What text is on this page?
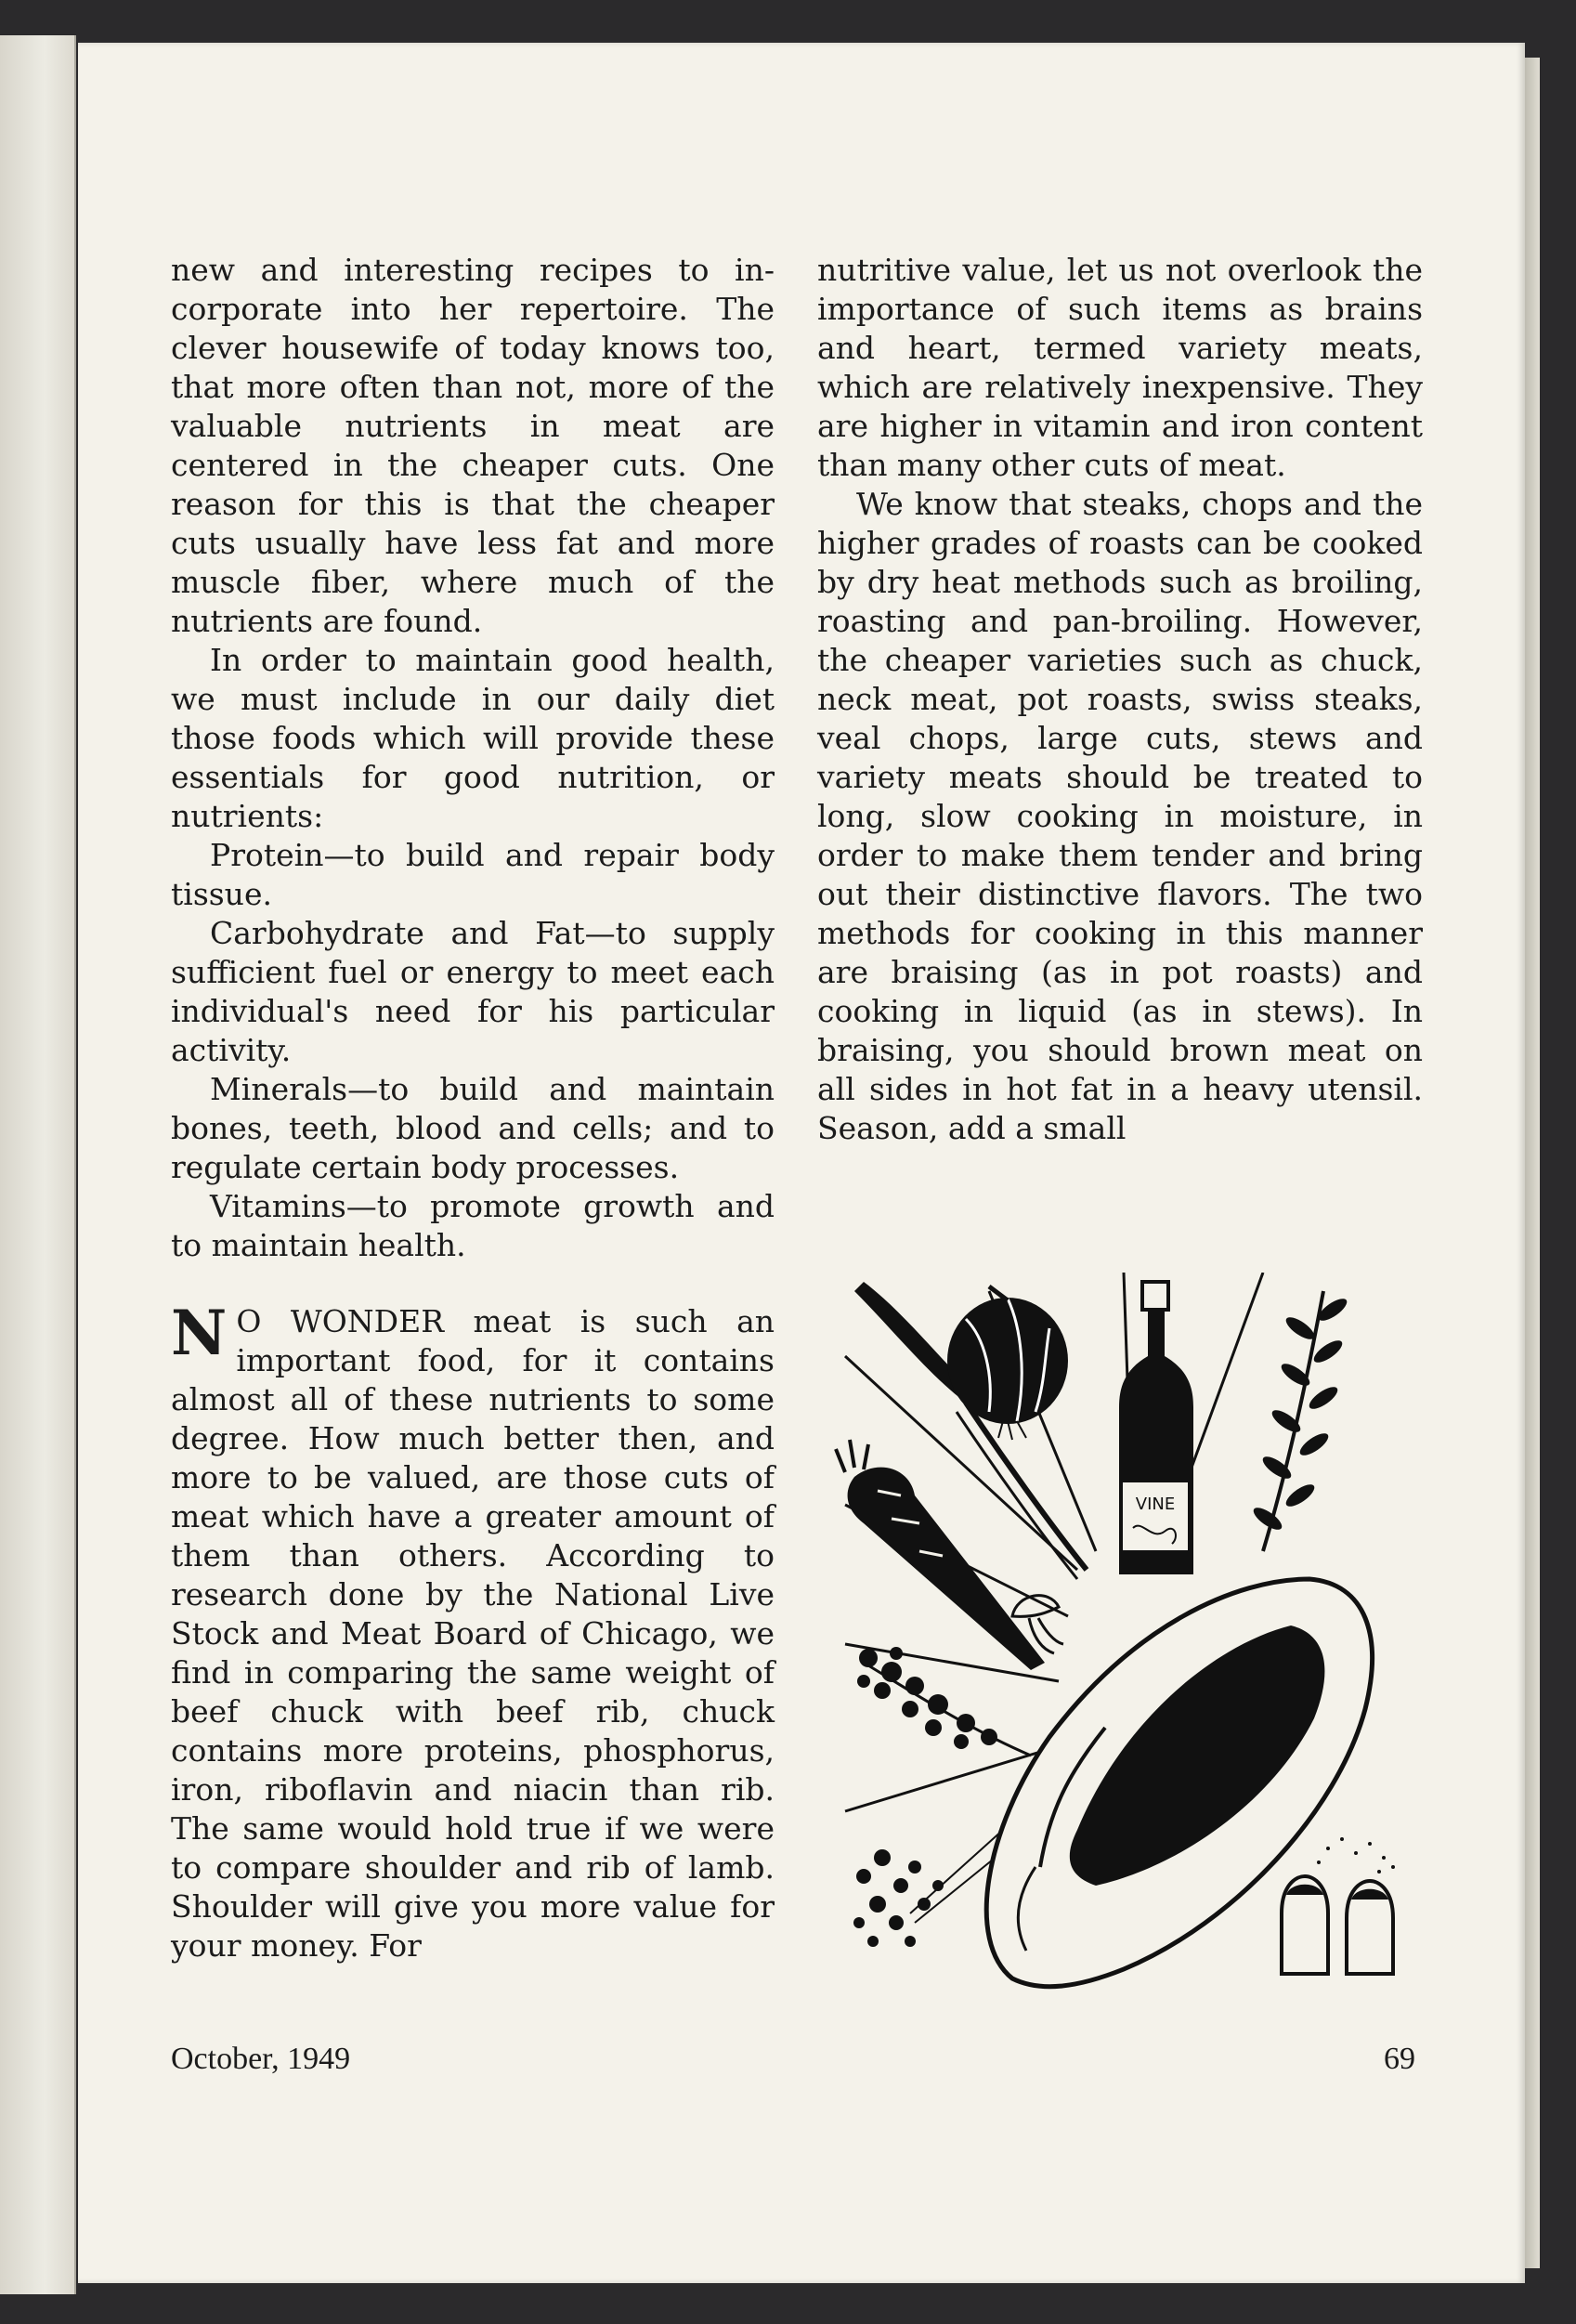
new and interesting recipes to incorporate into her repertoire. The clever housewife of today knows too, that more often than not, more of the valuable nutrients in meat are centered in the cheaper cuts. One reason for this is that the cheaper cuts usually have less fat and more muscle fiber, where much of the nutrients are found.

In order to maintain good health, we must include in our daily diet those foods which will provide these essentials for good nutrition, or nutrients:

Protein—to build and repair body tissue.

Carbohydrate and Fat—to supply sufficient fuel or energy to meet each individual's need for his particular activity.

Minerals—to build and maintain bones, teeth, blood and cells; and to regulate certain body processes.

Vitamins—to promote growth and to maintain health.

N O WONDER meat is such an important food, for it contains almost all of these nutrients to some degree. How much better then, and more to be valued, are those cuts of meat which have a greater amount of them than others. According to research done by the National Live Stock and Meat Board of Chicago, we find in comparing the same weight of beef chuck with beef rib, chuck contains more proteins, phosphorus, iron, riboflavin and niacin than rib. The same would hold true if we were to compare shoulder and rib of lamb. Shoulder will give you more value for your money. For

nutritive value, let us not overlook the importance of such items as brains and heart, termed variety meats, which are relatively inexpensive. They are higher in vitamin and iron content than many other cuts of meat.

We know that steaks, chops and the higher grades of roasts can be cooked by dry heat methods such as broiling, roasting and pan-broiling. However, the cheaper varieties such as chuck, neck meat, pot roasts, swiss steaks, veal chops, large cuts, stews and variety meats should be treated to long, slow cooking in moisture, in order to make them tender and bring out their distinctive flavors. The two methods for cooking in this manner are braising (as in pot roasts) and cooking in liquid (as in stews). In braising, you should brown meat on all sides in hot fat in a heavy utensil. Season, add a small

VINE
October, 1949	69
